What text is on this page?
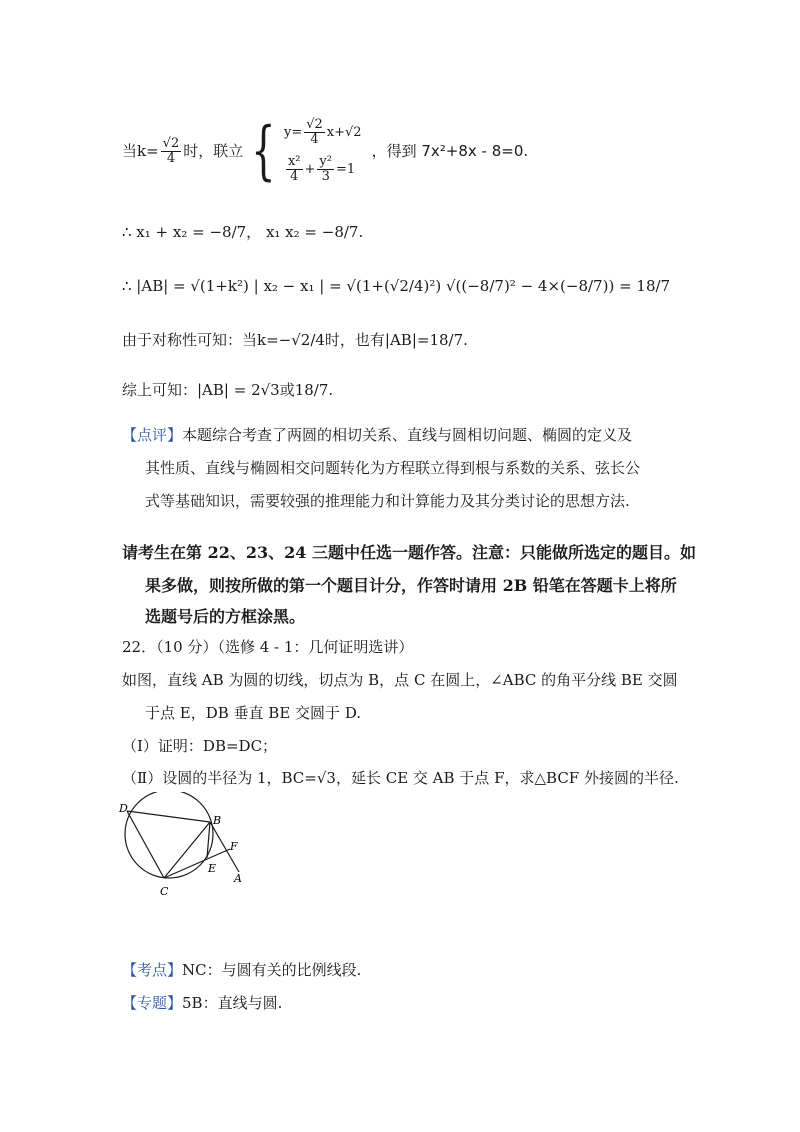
当$k= \frac{√2}{4}$ 时，联立 { $y= \frac{√2}{4} x+√2$
$\frac{\text{x²}}{4} + \frac{\text{y²}}{3} =1$
，得到 7x²+8x - 8=0.
∴ x₁ + x₂ = −8/7， x₁ x₂ = −8/7.
∴ |AB| = √(1+k²) | x₂ − x₁ | = √(1+(√2/4)²) √((−8/7)² − 4×(−8/7)) = 18/7
由于对称性可知：当k=−√2/4时，也有|AB|=18/7.
综上可知：|AB| = 2√3或18/7.
【点评】本题综合考查了两圆的相切关系、直线与圆相切问题、椭圆的定义及
其性质、直线与椭圆相交问题转化为方程联立得到根与系数的关系、弦长公
式等基础知识，需要较强的推理能力和计算能力及其分类讨论的思想方法.
请考生在第 22、23、24 三题中任选一题作答。注意：只能做所选定的题目。如
果多做，则按所做的第一个题目计分，作答时请用 2B 铅笔在答题卡上将所
选题号后的方框涂黑。
22．（10 分）（选修 4 - 1：几何证明选讲）
如图，直线 AB 为圆的切线，切点为 B，点 C 在圆上，∠ABC 的角平分线 BE 交圆
于点 E，DB 垂直 BE 交圆于 D.
（Ⅰ）证明：DB=DC；
（Ⅱ）设圆的半径为 1，BC=√3，延长 CE 交 AB 于点 F，求△BCF 外接圆的半径.
D
B
F
E
A
C
【考点】NC：与圆有关的比例线段.
【专题】5B：直线与圆.
